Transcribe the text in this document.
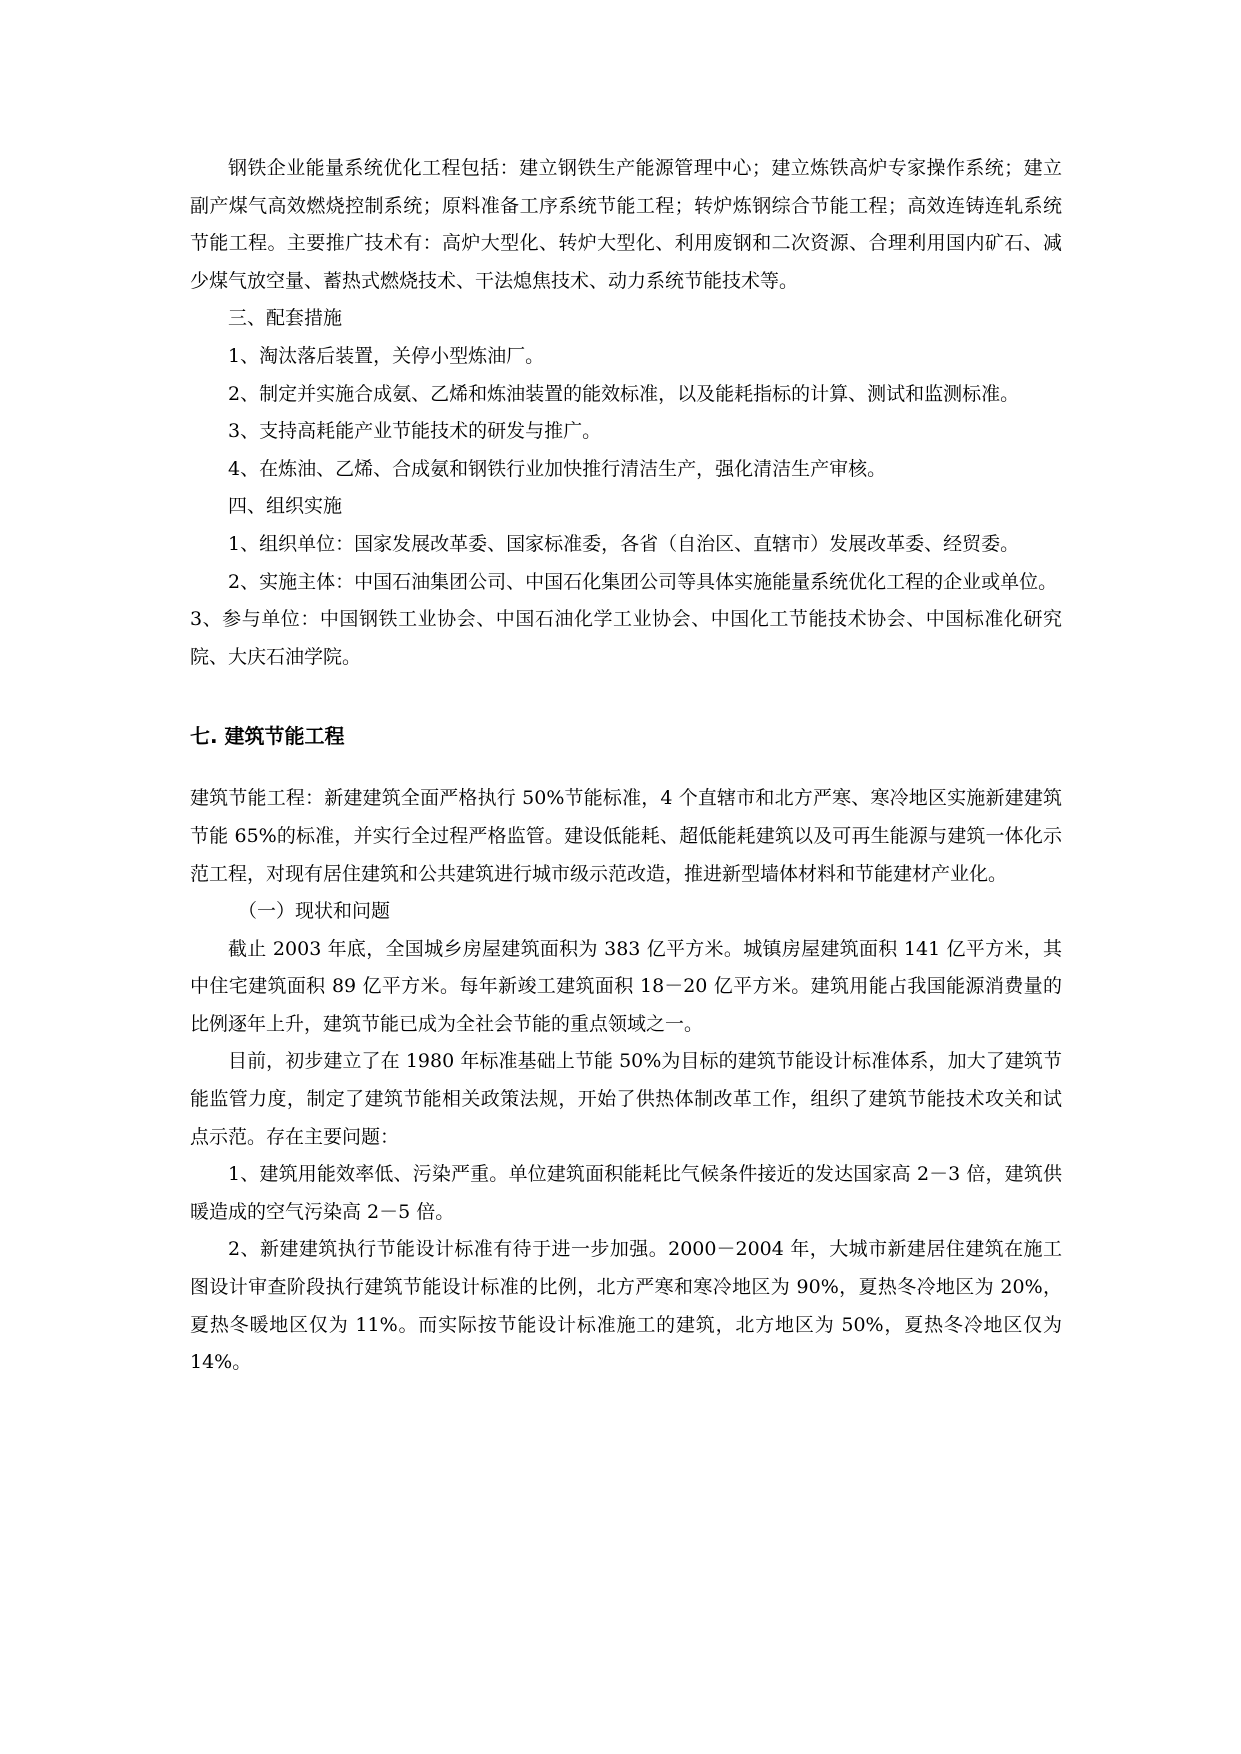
钢铁企业能量系统优化工程包括：建立钢铁生产能源管理中心；建立炼铁高炉专家操作系统；建立副产煤气高效燃烧控制系统；原料准备工序系统节能工程；转炉炼钢综合节能工程；高效连铸连轧系统节能工程。主要推广技术有：高炉大型化、转炉大型化、利用废钢和二次资源、合理利用国内矿石、减少煤气放空量、蓄热式燃烧技术、干法熄焦技术、动力系统节能技术等。

三、配套措施

1、淘汰落后装置，关停小型炼油厂。

2、制定并实施合成氨、乙烯和炼油装置的能效标准，以及能耗指标的计算、测试和监测标准。

3、支持高耗能产业节能技术的研发与推广。

4、在炼油、乙烯、合成氨和钢铁行业加快推行清洁生产，强化清洁生产审核。

四、组织实施

1、组织单位：国家发展改革委、国家标准委，各省（自治区、直辖市）发展改革委、经贸委。

2、实施主体：中国石油集团公司、中国石化集团公司等具体实施能量系统优化工程的企业或单位。

3、参与单位：中国钢铁工业协会、中国石油化学工业协会、中国化工节能技术协会、中国标准化研究院、大庆石油学院。

七. 建筑节能工程

建筑节能工程：新建建筑全面严格执行 50%节能标准，4 个直辖市和北方严寒、寒冷地区实施新建建筑节能 65%的标准，并实行全过程严格监管。建设低能耗、超低能耗建筑以及可再生能源与建筑一体化示范工程，对现有居住建筑和公共建筑进行城市级示范改造，推进新型墙体材料和节能建材产业化。

（一）现状和问题

截止 2003 年底，全国城乡房屋建筑面积为 383 亿平方米。城镇房屋建筑面积 141 亿平方米，其中住宅建筑面积 89 亿平方米。每年新竣工建筑面积 18－20 亿平方米。建筑用能占我国能源消费量的比例逐年上升，建筑节能已成为全社会节能的重点领域之一。

目前，初步建立了在 1980 年标准基础上节能 50%为目标的建筑节能设计标准体系，加大了建筑节能监管力度，制定了建筑节能相关政策法规，开始了供热体制改革工作，组织了建筑节能技术攻关和试点示范。存在主要问题：

1、建筑用能效率低、污染严重。单位建筑面积能耗比气候条件接近的发达国家高 2－3 倍，建筑供暖造成的空气污染高 2－5 倍。

2、新建建筑执行节能设计标准有待于进一步加强。2000－2004 年，大城市新建居住建筑在施工图设计审查阶段执行建筑节能设计标准的比例，北方严寒和寒冷地区为 90%，夏热冬冷地区为 20%，夏热冬暖地区仅为 11%。而实际按节能设计标准施工的建筑，北方地区为 50%，夏热冬冷地区仅为 14%。
